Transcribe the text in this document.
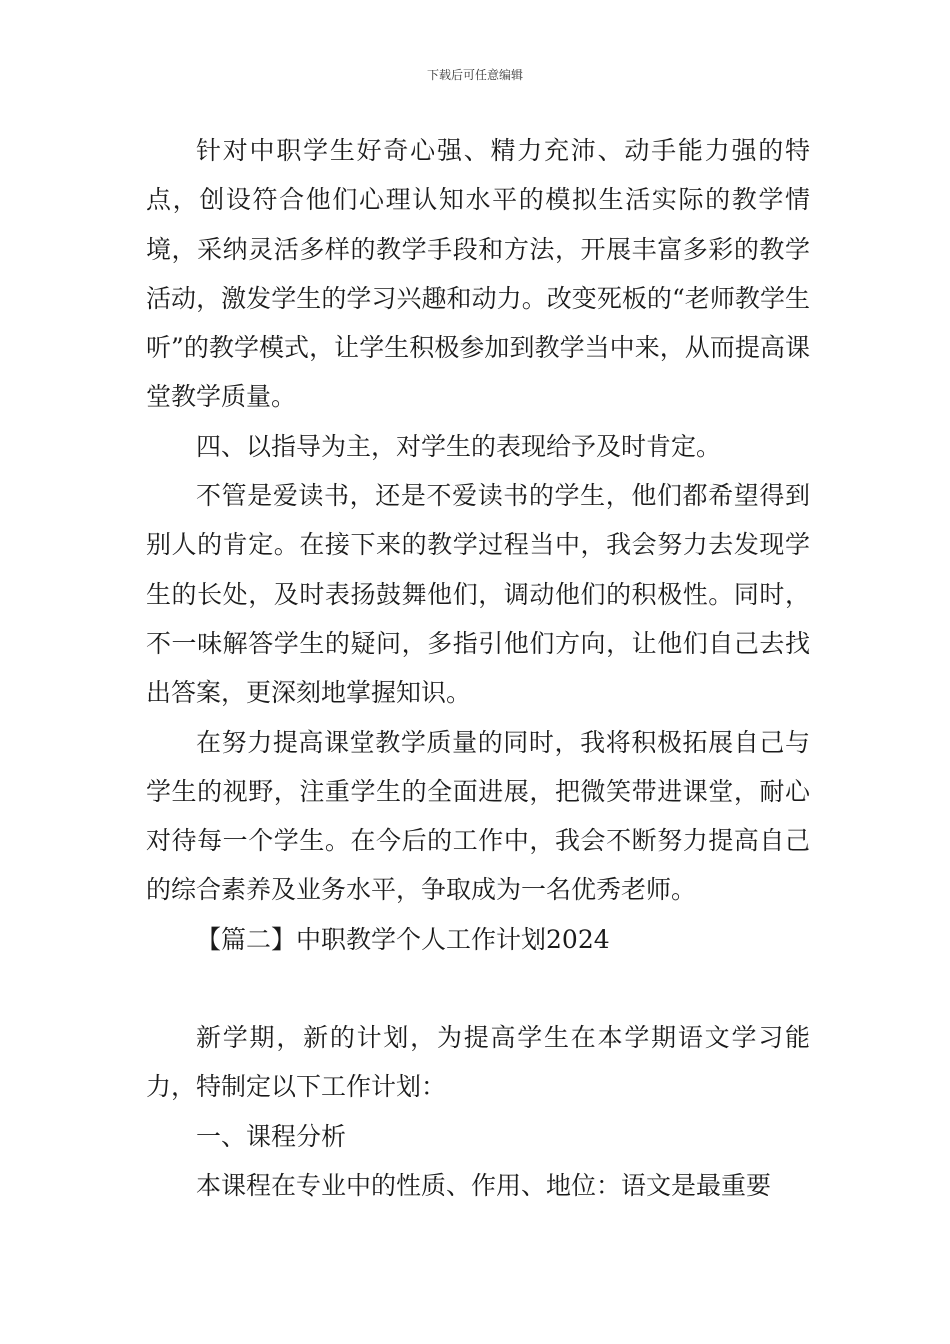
下载后可任意编辑

针对中职学生好奇心强、精力充沛、动手能力强的特点，创设符合他们心理认知水平的模拟生活实际的教学情境，采纳灵活多样的教学手段和方法，开展丰富多彩的教学活动，激发学生的学习兴趣和动力。改变死板的“老师教学生听”的教学模式，让学生积极参加到教学当中来，从而提高课堂教学质量。

四、以指导为主，对学生的表现给予及时肯定。

不管是爱读书，还是不爱读书的学生，他们都希望得到别人的肯定。在接下来的教学过程当中，我会努力去发现学生的长处，及时表扬鼓舞他们，调动他们的积极性。同时，不一味解答学生的疑问，多指引他们方向，让他们自己去找出答案，更深刻地掌握知识。

在努力提高课堂教学质量的同时，我将积极拓展自己与学生的视野，注重学生的全面进展，把微笑带进课堂，耐心对待每一个学生。在今后的工作中，我会不断努力提高自己的综合素养及业务水平，争取成为一名优秀老师。

【篇二】中职教学个人工作计划2024

新学期，新的计划，为提高学生在本学期语文学习能力，特制定以下工作计划：

一、课程分析

本课程在专业中的性质、作用、地位：语文是最重要
